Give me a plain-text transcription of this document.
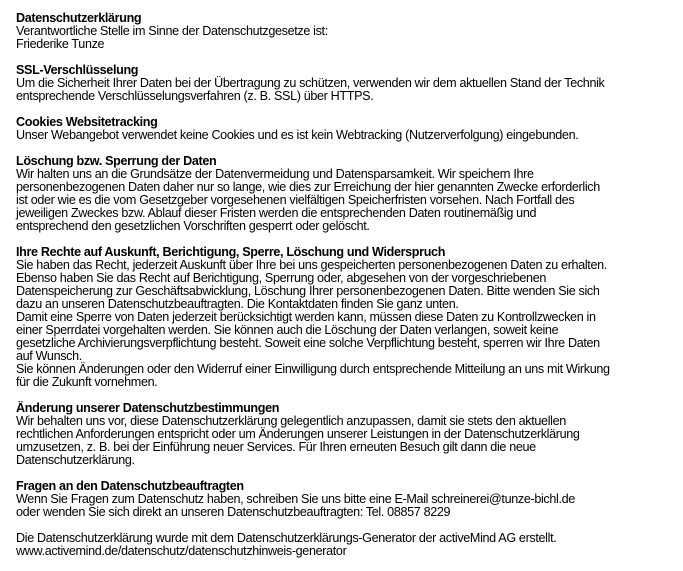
Datenschutzerklärung

Verantwortliche Stelle im Sinne der Datenschutzgesetze ist:

Friederike Tunze

SSL-Verschlüsselung

Um die Sicherheit Ihrer Daten bei der Übertragung zu schützen, verwenden wir dem aktuellen Stand der Technik

entsprechende Verschlüsselungsverfahren (z. B. SSL) über HTTPS.

Cookies Websitetracking

Unser Webangebot verwendet keine Cookies und es ist kein Webtracking (Nutzerverfolgung) eingebunden.

Löschung bzw. Sperrung der Daten

Wir halten uns an die Grundsätze der Datenvermeidung und Datensparsamkeit. Wir speichern Ihre

personenbezogenen Daten daher nur so lange, wie dies zur Erreichung der hier genannten Zwecke erforderlich

ist oder wie es die vom Gesetzgeber vorgesehenen vielfältigen Speicherfristen vorsehen. Nach Fortfall des

jeweiligen Zweckes bzw. Ablauf dieser Fristen werden die entsprechenden Daten routinemäßig und

entsprechend den gesetzlichen Vorschriften gesperrt oder gelöscht.

Ihre Rechte auf Auskunft, Berichtigung, Sperre, Löschung und Widerspruch

Sie haben das Recht, jederzeit Auskunft über Ihre bei uns gespeicherten personenbezogenen Daten zu erhalten.

Ebenso haben Sie das Recht auf Berichtigung, Sperrung oder, abgesehen von der vorgeschriebenen

Datenspeicherung zur Geschäftsabwicklung, Löschung Ihrer personenbezogenen Daten. Bitte wenden Sie sich

dazu an unseren Datenschutzbeauftragten. Die Kontaktdaten finden Sie ganz unten.

Damit eine Sperre von Daten jederzeit berücksichtigt werden kann, müssen diese Daten zu Kontrollzwecken in

einer Sperrdatei vorgehalten werden. Sie können auch die Löschung der Daten verlangen, soweit keine

gesetzliche Archivierungsverpflichtung besteht. Soweit eine solche Verpflichtung besteht, sperren wir Ihre Daten

auf Wunsch.

Sie können Änderungen oder den Widerruf einer Einwilligung durch entsprechende Mitteilung an uns mit Wirkung

für die Zukunft vornehmen.

Änderung unserer Datenschutzbestimmungen

Wir behalten uns vor, diese Datenschutzerklärung gelegentlich anzupassen, damit sie stets den aktuellen

rechtlichen Anforderungen entspricht oder um Änderungen unserer Leistungen in der Datenschutzerklärung

umzusetzen, z. B. bei der Einführung neuer Services. Für Ihren erneuten Besuch gilt dann die neue

Datenschutzerklärung.

Fragen an den Datenschutzbeauftragten

Wenn Sie Fragen zum Datenschutz haben, schreiben Sie uns bitte eine E-Mail schreinerei@tunze-bichl.de

oder wenden Sie sich direkt an unseren Datenschutzbeauftragten: Tel. 08857 8229

Die Datenschutzerklärung wurde mit dem Datenschutzerklärungs-Generator der activeMind AG erstellt.

www.activemind.de/datenschutz/datenschutzhinweis-generator
